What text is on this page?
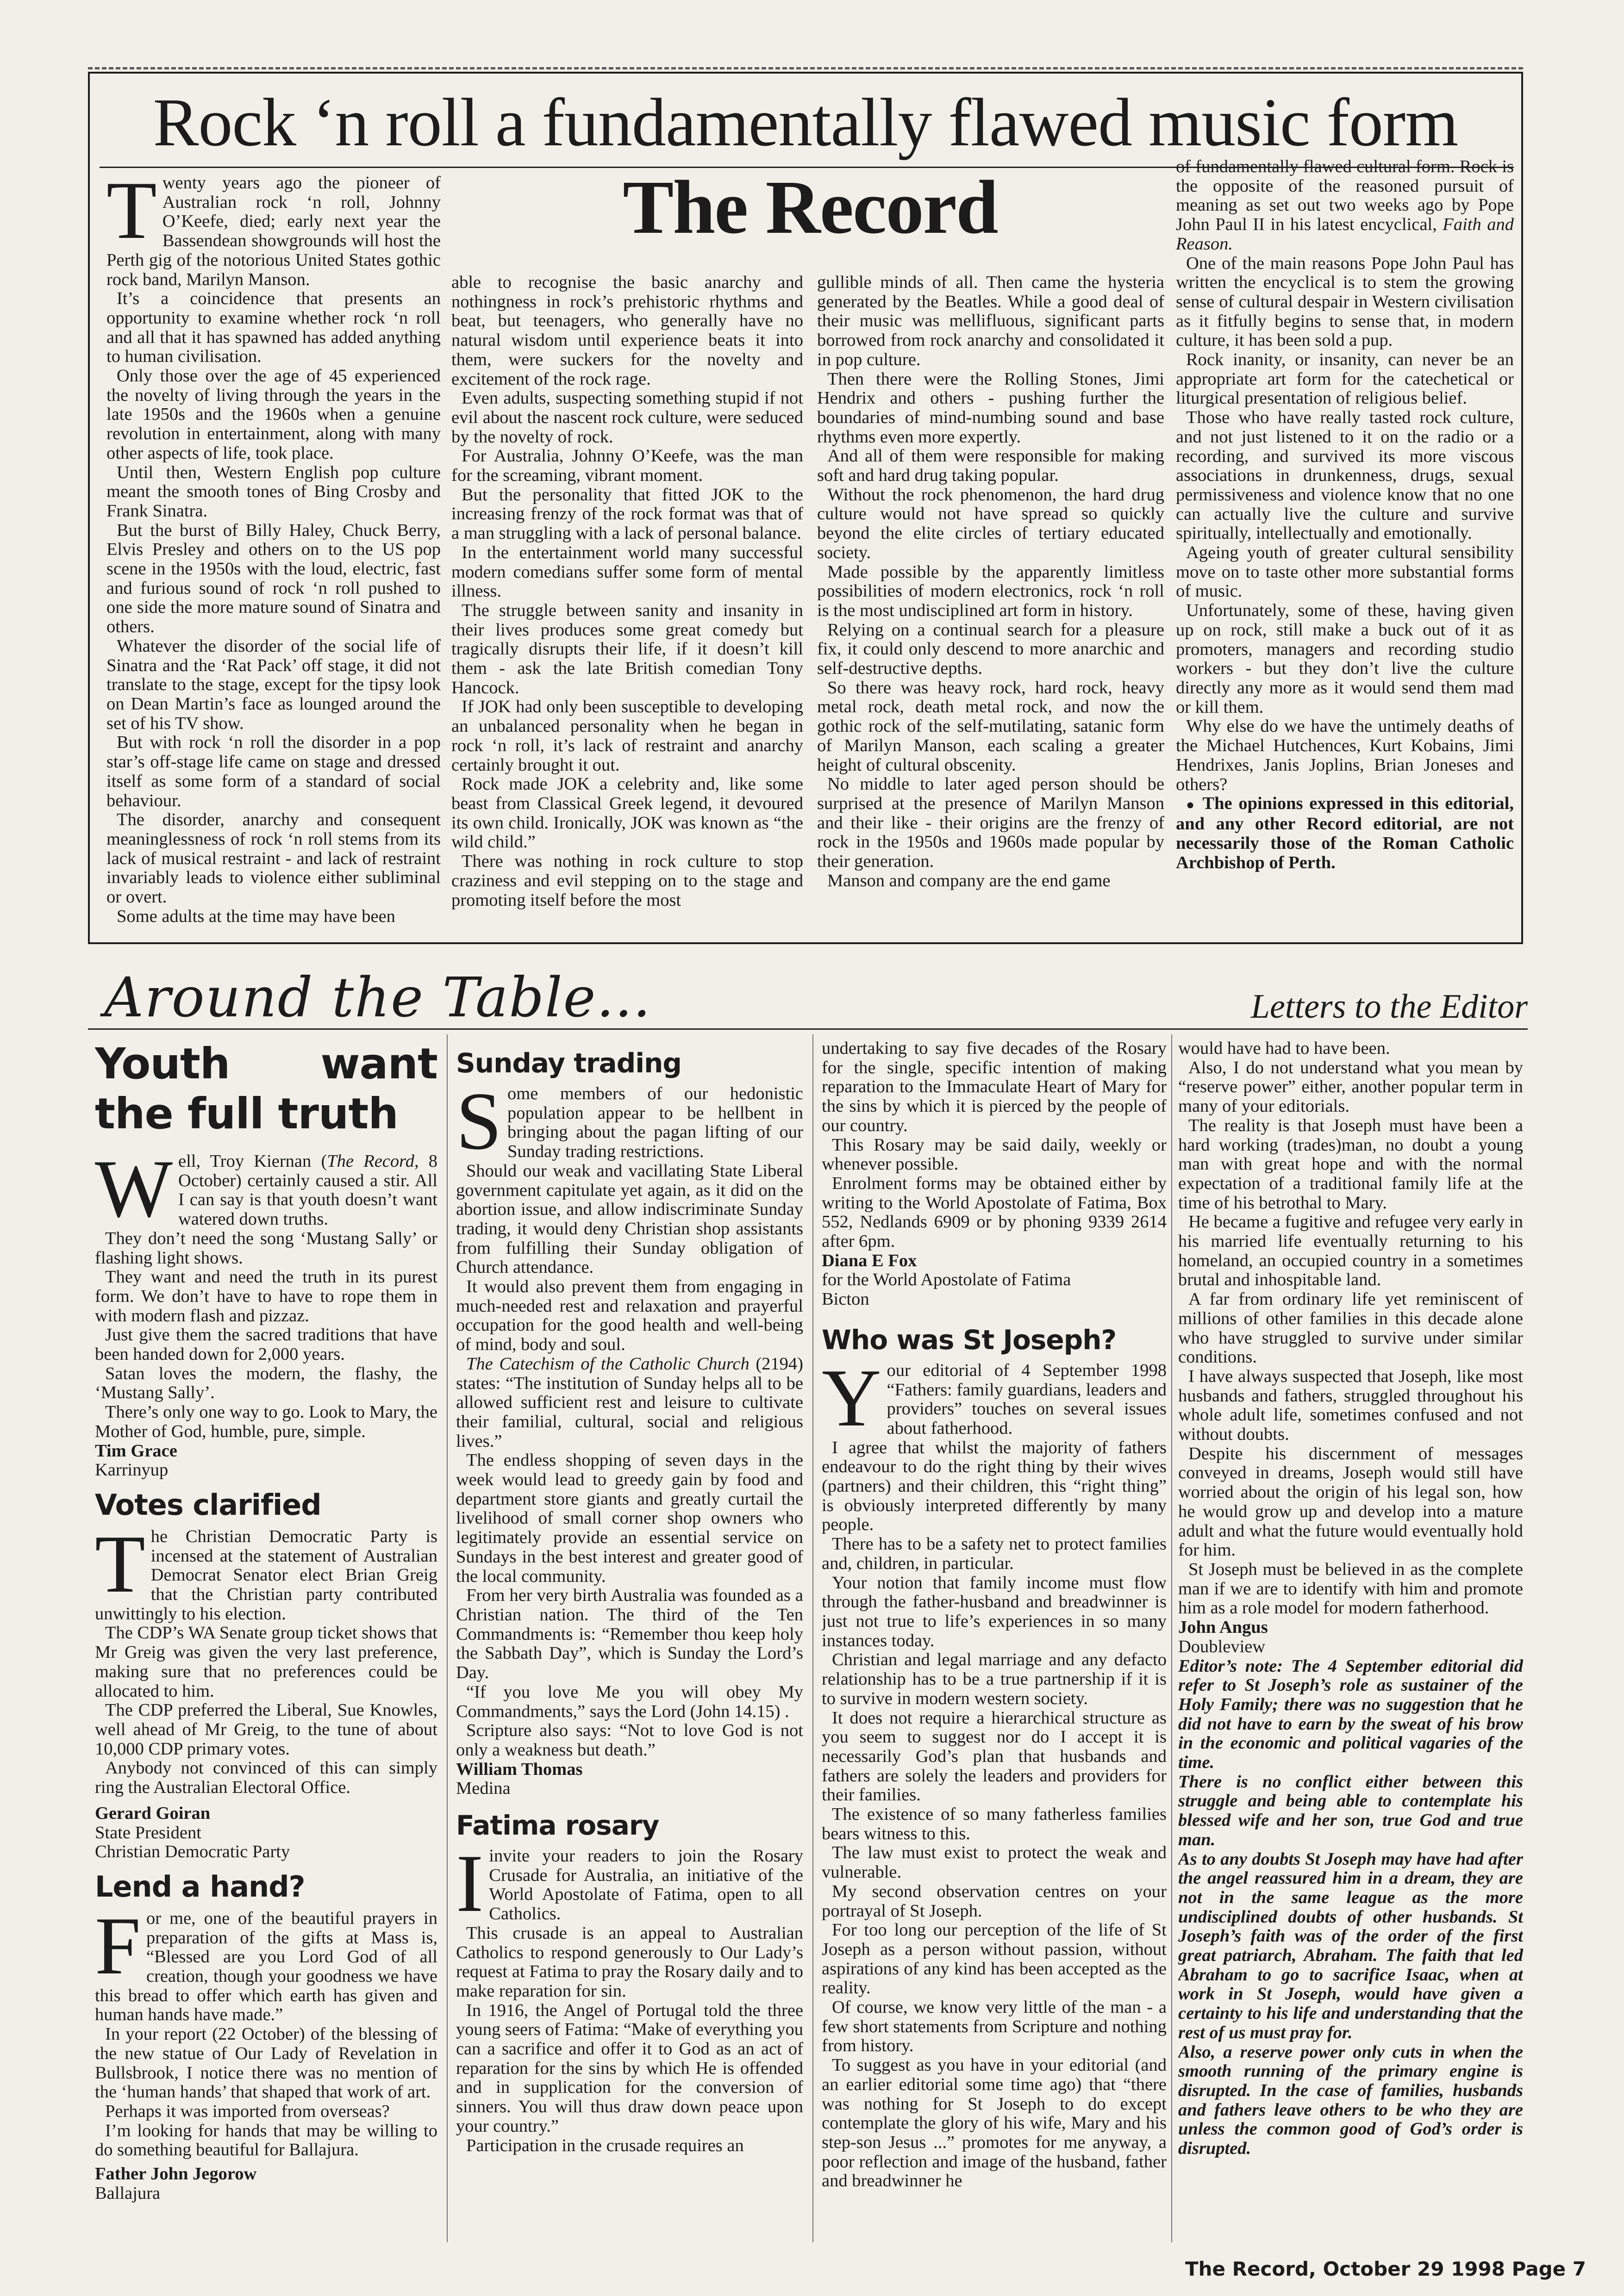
Rock ‘n roll a fundamentally flawed music form
The Record

Twenty years ago the pioneer of Australian rock ‘n roll, Johnny O’Keefe, died; early next year the Bassendean showgrounds will host the Perth gig of the notorious United States gothic rock band, Marilyn Manson.

It’s a coincidence that presents an opportunity to examine whether rock ‘n roll and all that it has spawned has added anything to human civilisation.

Only those over the age of 45 experienced the novelty of living through the years in the late 1950s and the 1960s when a genuine revolution in entertainment, along with many other aspects of life, took place.

Until then, Western English pop culture meant the smooth tones of Bing Crosby and Frank Sinatra.

But the burst of Billy Haley, Chuck Berry, Elvis Presley and others on to the US pop scene in the 1950s with the loud, electric, fast and furious sound of rock ‘n roll pushed to one side the more mature sound of Sinatra and others.

Whatever the disorder of the social life of Sinatra and the ‘Rat Pack’ off stage, it did not translate to the stage, except for the tipsy look on Dean Martin’s face as lounged around the set of his TV show.

But with rock ‘n roll the disorder in a pop star’s off-stage life came on stage and dressed itself as some form of a standard of social behaviour.

The disorder, anarchy and consequent meaninglessness of rock ‘n roll stems from its lack of musical restraint - and lack of restraint invariably leads to violence either subliminal or overt.

Some adults at the time may have been

able to recognise the basic anarchy and nothingness in rock’s prehistoric rhythms and beat, but teenagers, who generally have no natural wisdom until experience beats it into them, were suckers for the novelty and excitement of the rock rage.

Even adults, suspecting something stupid if not evil about the nascent rock culture, were seduced by the novelty of rock.

For Australia, Johnny O’Keefe, was the man for the screaming, vibrant moment.

But the personality that fitted JOK to the increasing frenzy of the rock format was that of a man struggling with a lack of personal balance.

In the entertainment world many successful modern comedians suffer some form of mental illness.

The struggle between sanity and insanity in their lives produces some great comedy but tragically disrupts their life, if it doesn’t kill them - ask the late British comedian Tony Hancock.

If JOK had only been susceptible to developing an unbalanced personality when he began in rock ‘n roll, it’s lack of restraint and anarchy certainly brought it out.

Rock made JOK a celebrity and, like some beast from Classical Greek legend, it devoured its own child. Ironically, JOK was known as “the wild child.”

There was nothing in rock culture to stop craziness and evil stepping on to the stage and promoting itself before the most

gullible minds of all. Then came the hysteria generated by the Beatles. While a good deal of their music was mellifluous, significant parts borrowed from rock anarchy and consolidated it in pop culture.

Then there were the Rolling Stones, Jimi Hendrix and others - pushing further the boundaries of mind-numbing sound and base rhythms even more expertly.

And all of them were responsible for making soft and hard drug taking popular.

Without the rock phenomenon, the hard drug culture would not have spread so quickly beyond the elite circles of tertiary educated society.

Made possible by the apparently limitless possibilities of modern electronics, rock ‘n roll is the most undisciplined art form in history.

Relying on a continual search for a pleasure fix, it could only descend to more anarchic and self-destructive depths.

So there was heavy rock, hard rock, heavy metal rock, death metal rock, and now the gothic rock of the self-mutilating, satanic form of Marilyn Manson, each scaling a greater height of cultural obscenity.

No middle to later aged person should be surprised at the presence of Marilyn Manson and their like - their origins are the frenzy of rock in the 1950s and 1960s made popular by their generation.

Manson and company are the end game

of fundamentally flawed cultural form. Rock is the opposite of the reasoned pursuit of meaning as set out two weeks ago by Pope John Paul II in his latest encyclical, Faith and Reason.

One of the main reasons Pope John Paul has written the encyclical is to stem the growing sense of cultural despair in Western civilisation as it fitfully begins to sense that, in modern culture, it has been sold a pup.

Rock inanity, or insanity, can never be an appropriate art form for the catechetical or liturgical presentation of religious belief.

Those who have really tasted rock culture, and not just listened to it on the radio or a recording, and survived its more viscous associations in drunkenness, drugs, sexual permissiveness and violence know that no one can actually live the culture and survive spiritually, intellectually and emotionally.

Ageing youth of greater cultural sensibility move on to taste other more substantial forms of music.

Unfortunately, some of these, having given up on rock, still make a buck out of it as promoters, managers and recording studio workers - but they don’t live the culture directly any more as it would send them mad or kill them.

Why else do we have the untimely deaths of the Michael Hutchences, Kurt Kobains, Jimi Hendrixes, Janis Joplins, Brian Joneses and others?

● The opinions expressed in this editorial, and any other Record editorial, are not necessarily those of the Roman Catholic Archbishop of Perth.

Around the Table...	Letters to the Editor
Youth want the full truth

Well, Troy Kiernan (The Record, 8 October) certainly caused a stir. All I can say is that youth doesn’t want watered down truths.

They don’t need the song ‘Mustang Sally’ or flashing light shows.

They want and need the truth in its purest form. We don’t have to have to rope them in with modern flash and pizzaz.

Just give them the sacred traditions that have been handed down for 2,000 years.

Satan loves the modern, the flashy, the ‘Mustang Sally’.

There’s only one way to go. Look to Mary, the Mother of God, humble, pure, simple.

Tim Grace

Karrinyup

Votes clarified

The Christian Democratic Party is incensed at the statement of Australian Democrat Senator elect Brian Greig that the Christian party contributed unwittingly to his election.

The CDP’s WA Senate group ticket shows that Mr Greig was given the very last preference, making sure that no preferences could be allocated to him.

The CDP preferred the Liberal, Sue Knowles, well ahead of Mr Greig, to the tune of about 10,000 CDP primary votes.

Anybody not convinced of this can simply ring the Australian Electoral Office.

Gerard Goiran

State President

Christian Democratic Party

Lend a hand?

For me, one of the beautiful prayers in preparation of the gifts at Mass is, “Blessed are you Lord God of all creation, though your goodness we have this bread to offer which earth has given and human hands have made.”

In your report (22 October) of the blessing of the new statue of Our Lady of Revelation in Bullsbrook, I notice there was no mention of the ‘human hands’ that shaped that work of art.

Perhaps it was imported from overseas?

I’m looking for hands that may be willing to do something beautiful for Ballajura.

Father John Jegorow

Ballajura

Sunday trading

Some members of our hedonistic population appear to be hellbent in bringing about the pagan lifting of our Sunday trading restrictions.

Should our weak and vacillating State Liberal government capitulate yet again, as it did on the abortion issue, and allow indiscriminate Sunday trading, it would deny Christian shop assistants from fulfilling their Sunday obligation of Church attendance.

It would also prevent them from engaging in much-needed rest and relaxation and prayerful occupation for the good health and well-being of mind, body and soul.

The Catechism of the Catholic Church (2194) states: “The institution of Sunday helps all to be allowed sufficient rest and leisure to cultivate their familial, cultural, social and religious lives.”

The endless shopping of seven days in the week would lead to greedy gain by food and department store giants and greatly curtail the livelihood of small corner shop owners who legitimately provide an essential service on Sundays in the best interest and greater good of the local community.

From her very birth Australia was founded as a Christian nation. The third of the Ten Commandments is: “Remember thou keep holy the Sabbath Day”, which is Sunday the Lord’s Day.

“If you love Me you will obey My Commandments,” says the Lord (John 14.15) .

Scripture also says: “Not to love God is not only a weakness but death.”

William Thomas

Medina

Fatima rosary

Iinvite your readers to join the Rosary Crusade for Australia, an initiative of the World Apostolate of Fatima, open to all Catholics.

This crusade is an appeal to Australian Catholics to respond generously to Our Lady’s request at Fatima to pray the Rosary daily and to make reparation for sin.

In 1916, the Angel of Portugal told the three young seers of Fatima: “Make of everything you can a sacrifice and offer it to God as an act of reparation for the sins by which He is offended and in supplication for the conversion of sinners. You will thus draw down peace upon your country.”

Participation in the crusade requires an

undertaking to say five decades of the Rosary for the single, specific intention of making reparation to the Immaculate Heart of Mary for the sins by which it is pierced by the people of our country.

This Rosary may be said daily, weekly or whenever possible.

Enrolment forms may be obtained either by writing to the World Apostolate of Fatima, Box 552, Nedlands 6909 or by phoning 9339 2614 after 6pm.

Diana E Fox

for the World Apostolate of Fatima

Bicton

Who was St Joseph?

Your editorial of 4 September 1998 “Fathers: family guardians, leaders and providers” touches on several issues about fatherhood.

I agree that whilst the majority of fathers endeavour to do the right thing by their wives (partners) and their children, this “right thing” is obviously interpreted differently by many people.

There has to be a safety net to protect families and, children, in particular.

Your notion that family income must flow through the father-husband and breadwinner is just not true to life’s experiences in so many instances today.

Christian and legal marriage and any defacto relationship has to be a true partnership if it is to survive in modern western society.

It does not require a hierarchical structure as you seem to suggest nor do I accept it is necessarily God’s plan that husbands and fathers are solely the leaders and providers for their families.

The existence of so many fatherless families bears witness to this.

The law must exist to protect the weak and vulnerable.

My second observation centres on your portrayal of St Joseph.

For too long our perception of the life of St Joseph as a person without passion, without aspirations of any kind has been accepted as the reality.

Of course, we know very little of the man - a few short statements from Scripture and nothing from history.

To suggest as you have in your editorial (and an earlier editorial some time ago) that “there was nothing for St Joseph to do except contemplate the glory of his wife, Mary and his step-son Jesus ...” promotes for me anyway, a poor reflection and image of the husband, father and breadwinner he

would have had to have been.

Also, I do not understand what you mean by “reserve power” either, another popular term in many of your editorials.

The reality is that Joseph must have been a hard working (trades)man, no doubt a young man with great hope and with the normal expectation of a traditional family life at the time of his betrothal to Mary.

He became a fugitive and refugee very early in his married life eventually returning to his homeland, an occupied country in a sometimes brutal and inhospitable land.

A far from ordinary life yet reminiscent of millions of other families in this decade alone who have struggled to survive under similar conditions.

I have always suspected that Joseph, like most husbands and fathers, struggled throughout his whole adult life, sometimes confused and not without doubts.

Despite his discernment of messages conveyed in dreams, Joseph would still have worried about the origin of his legal son, how he would grow up and develop into a mature adult and what the future would eventually hold for him.

St Joseph must be believed in as the complete man if we are to identify with him and promote him as a role model for modern fatherhood.

John Angus

Doubleview

Editor’s note: The 4 September editorial did refer to St Joseph’s role as sustainer of the Holy Family; there was no suggestion that he did not have to earn by the sweat of his brow in the economic and political vagaries of the time.

There is no conflict either between this struggle and being able to contemplate his blessed wife and her son, true God and true man.

As to any doubts St Joseph may have had after the angel reassured him in a dream, they are not in the same league as the more undisciplined doubts of other husbands. St Joseph’s faith was of the order of the first great patriarch, Abraham. The faith that led Abraham to go to sacrifice Isaac, when at work in St Joseph, would have given a certainty to his life and understanding that the rest of us must pray for.

Also, a reserve power only cuts in when the smooth running of the primary engine is disrupted. In the case of families, husbands and fathers leave others to be who they are unless the common good of God’s order is disrupted.

The Record, October 29 1998 Page 7
